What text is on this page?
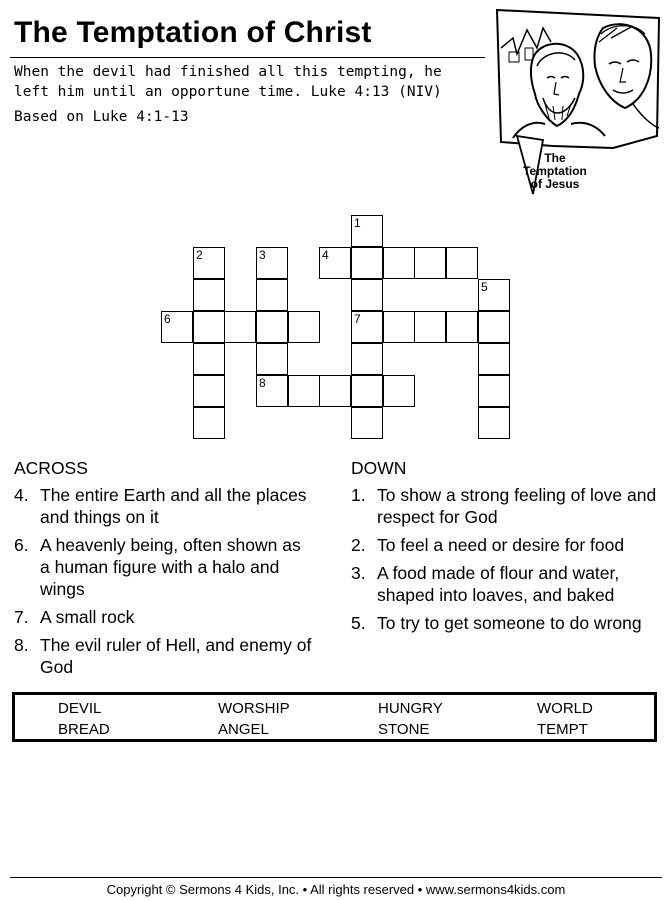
The Temptation of Christ
When the devil had finished all this tempting, he left him until an opportune time. Luke 4:13 (NIV)
Based on Luke 4:1-13
The
Temptation
of Jesus
1
2	3	4
5
6	7
8
ACROSS
4. The entire Earth and all the places and things on it
6. A heavenly being, often shown as a human figure with a halo and wings
7. A small rock
8. The evil ruler of Hell, and enemy of God
DOWN
1. To show a strong feeling of love and respect for God
2. To feel a need or desire for food
3. A food made of flour and water, shaped into loaves, and baked
5. To try to get someone to do wrong
DEVIL	WORSHIP	HUNGRY	WORLD
BREAD	ANGEL	STONE	TEMPT
Copyright © Sermons 4 Kids, Inc. • All rights reserved • www.sermons4kids.com
